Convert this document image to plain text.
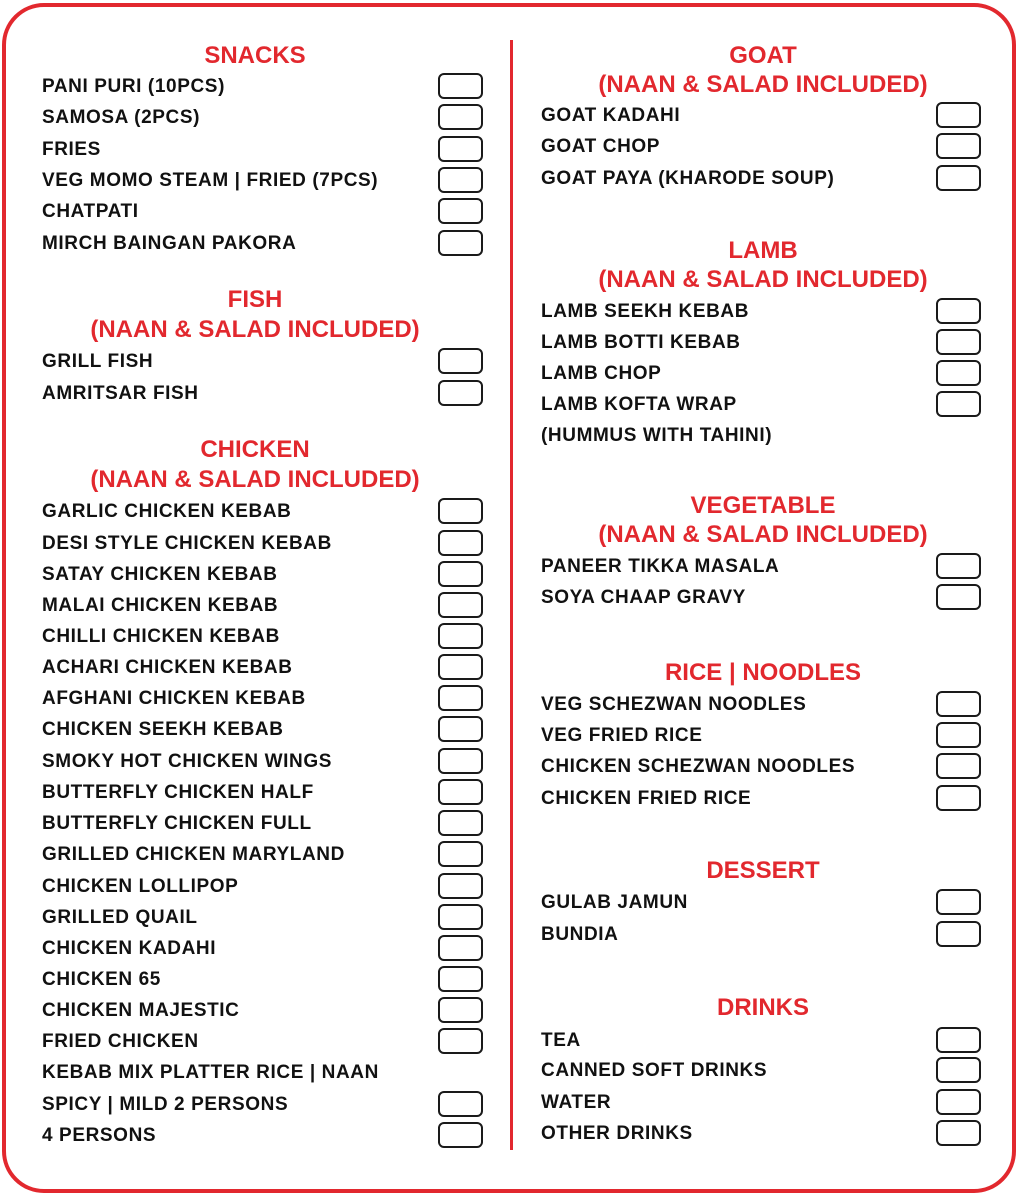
SNACKS
PANI PURI (10PCS)
SAMOSA (2PCS)
FRIES
VEG MOMO STEAM | FRIED (7PCS)
CHATPATI
MIRCH BAINGAN PAKORA
FISH
(NAAN & SALAD INCLUDED)
GRILL FISH
AMRITSAR FISH
CHICKEN
(NAAN & SALAD INCLUDED)
GARLIC CHICKEN KEBAB
DESI STYLE CHICKEN KEBAB
SATAY CHICKEN KEBAB
MALAI CHICKEN KEBAB
CHILLI CHICKEN KEBAB
ACHARI CHICKEN KEBAB
AFGHANI CHICKEN KEBAB
CHICKEN SEEKH KEBAB
SMOKY HOT CHICKEN WINGS
BUTTERFLY CHICKEN HALF
BUTTERFLY CHICKEN FULL
GRILLED CHICKEN MARYLAND
CHICKEN LOLLIPOP
GRILLED QUAIL
CHICKEN KADAHI
CHICKEN 65
CHICKEN MAJESTIC
FRIED CHICKEN
KEBAB MIX PLATTER RICE | NAAN
SPICY | MILD 2 PERSONS
4 PERSONS
GOAT
(NAAN & SALAD INCLUDED)
GOAT KADAHI
GOAT CHOP
GOAT PAYA (KHARODE SOUP)
LAMB
(NAAN & SALAD INCLUDED)
LAMB SEEKH KEBAB
LAMB BOTTI KEBAB
LAMB CHOP
LAMB KOFTA WRAP
(HUMMUS WITH TAHINI)
VEGETABLE
(NAAN & SALAD INCLUDED)
PANEER TIKKA MASALA
SOYA CHAAP GRAVY
RICE | NOODLES
VEG SCHEZWAN NOODLES
VEG FRIED RICE
CHICKEN SCHEZWAN NOODLES
CHICKEN FRIED RICE
DESSERT
GULAB JAMUN
BUNDIA
DRINKS
TEA
CANNED SOFT DRINKS
WATER
OTHER DRINKS
